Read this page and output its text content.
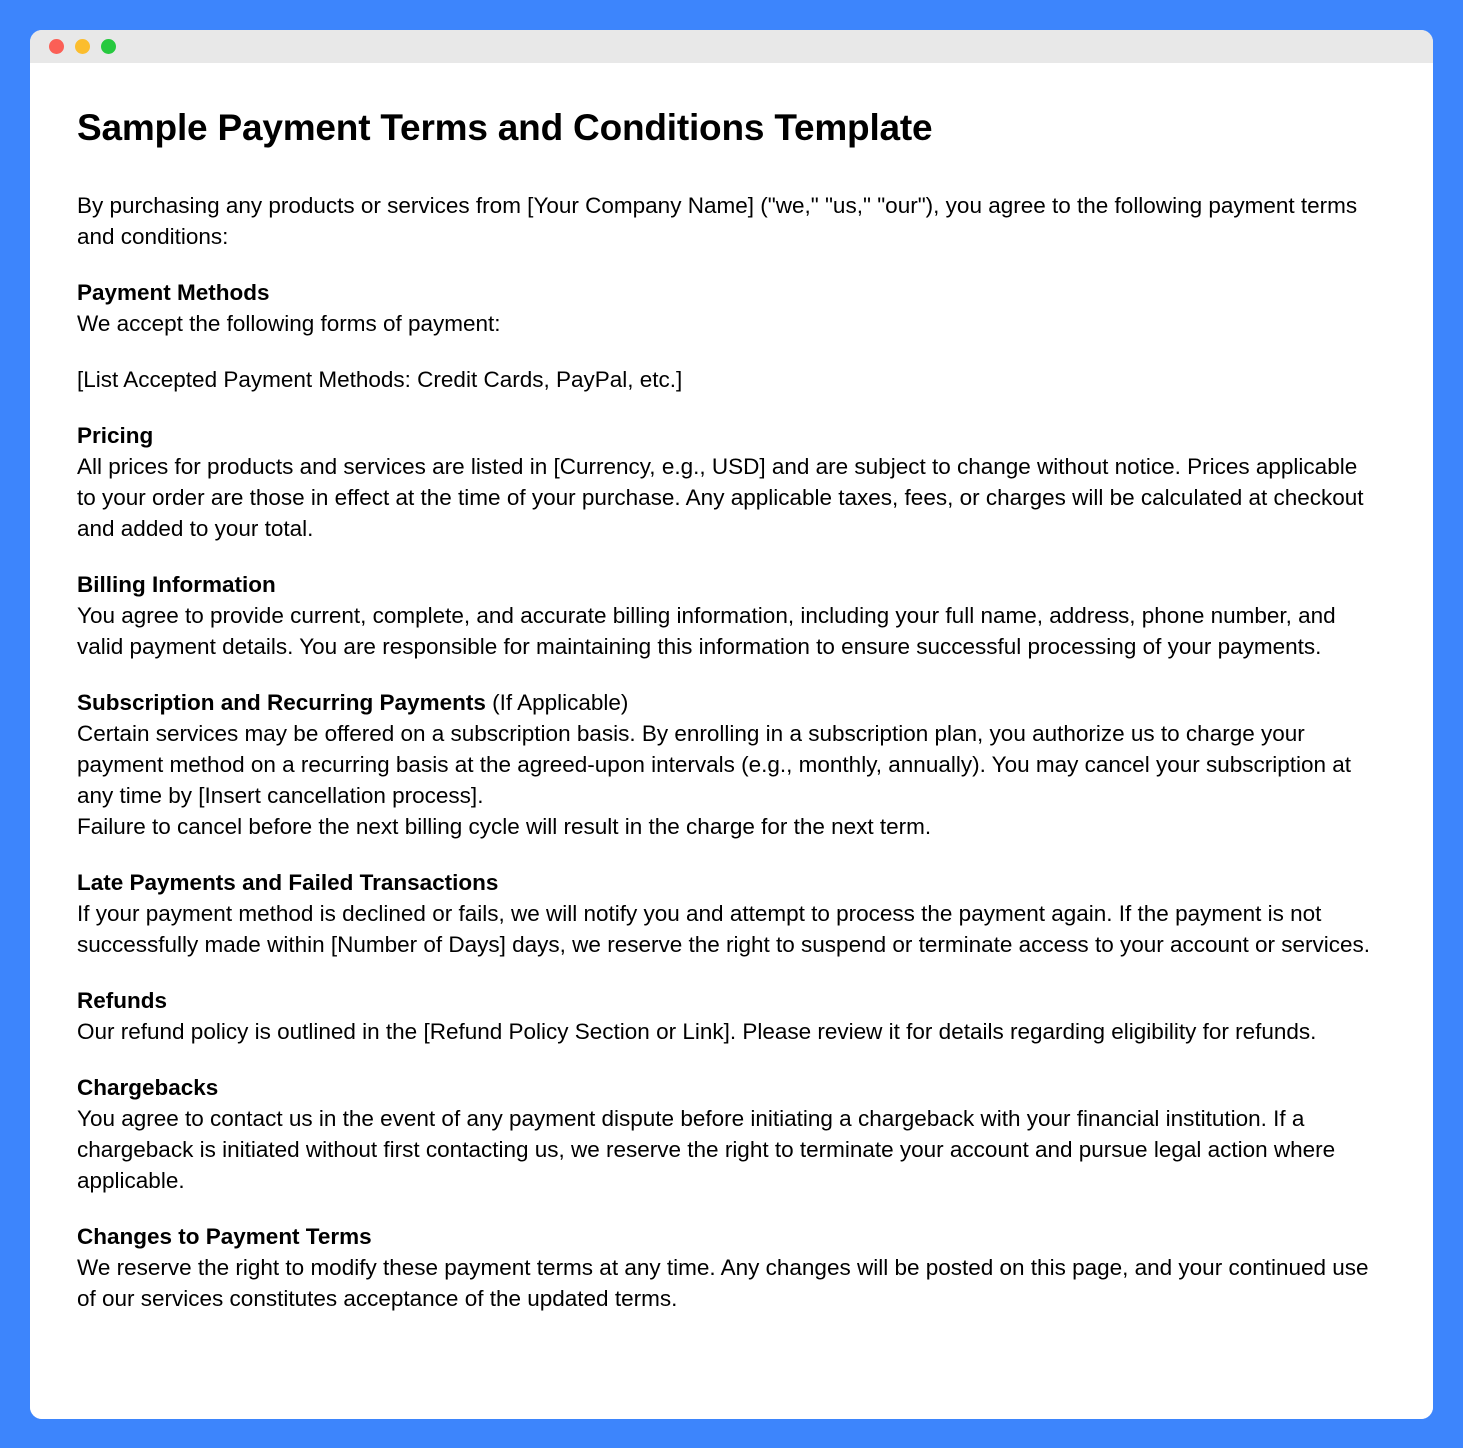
Sample Payment Terms and Conditions Template

By purchasing any products or services from [Your Company Name] ("we," "us," "our"), you agree to the following payment terms and conditions:

Payment Methods
We accept the following forms of payment:

[List Accepted Payment Methods: Credit Cards, PayPal, etc.]

Pricing
All prices for products and services are listed in [Currency, e.g., USD] and are subject to change without notice. Prices applicable to your order are those in effect at the time of your purchase. Any applicable taxes, fees, or charges will be calculated at checkout and added to your total.

Billing Information
You agree to provide current, complete, and accurate billing information, including your full name, address, phone number, and valid payment details. You are responsible for maintaining this information to ensure successful processing of your payments.

Subscription and Recurring Payments (If Applicable)
Certain services may be offered on a subscription basis. By enrolling in a subscription plan, you authorize us to charge your payment method on a recurring basis at the agreed-upon intervals (e.g., monthly, annually). You may cancel your subscription at any time by [Insert cancellation process].
Failure to cancel before the next billing cycle will result in the charge for the next term.

Late Payments and Failed Transactions
If your payment method is declined or fails, we will notify you and attempt to process the payment again. If the payment is not successfully made within [Number of Days] days, we reserve the right to suspend or terminate access to your account or services.

Refunds
Our refund policy is outlined in the [Refund Policy Section or Link]. Please review it for details regarding eligibility for refunds.

Chargebacks
You agree to contact us in the event of any payment dispute before initiating a chargeback with your financial institution. If a chargeback is initiated without first contacting us, we reserve the right to terminate your account and pursue legal action where applicable.

Changes to Payment Terms
We reserve the right to modify these payment terms at any time. Any changes will be posted on this page, and your continued use of our services constitutes acceptance of the updated terms.
